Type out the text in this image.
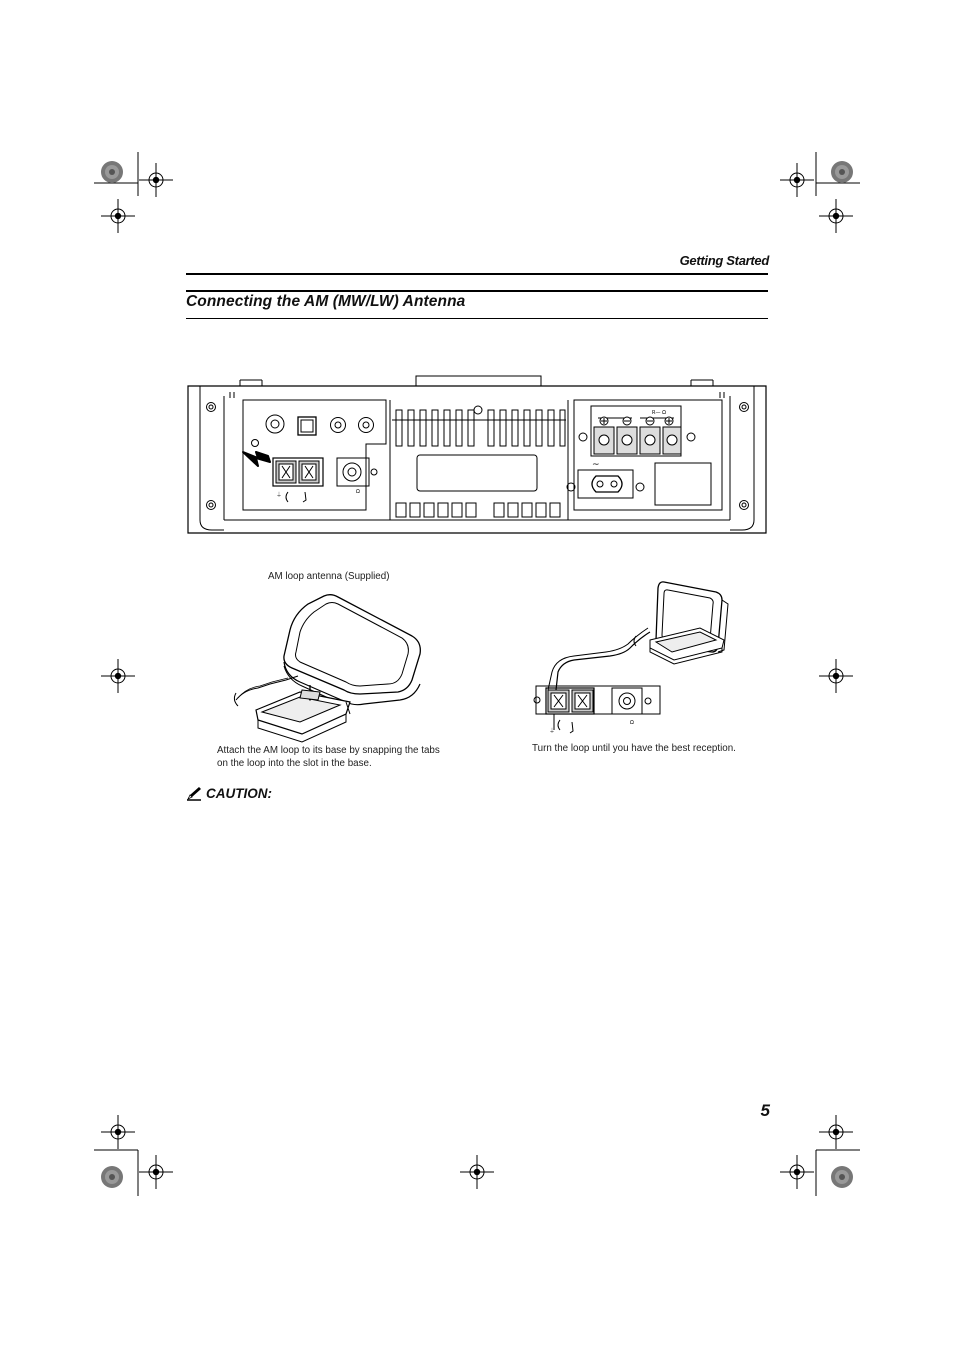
Getting Started
Connecting the AM (MW/LW) Antenna
Ω
⏚
R— Ω
~
AM loop antenna (Supplied)
Attach the AM loop to its base by snapping the tabs on the loop into the slot in the base.
Ω
⏚
Turn the loop until you have the best reception.
CAUTION:
5
